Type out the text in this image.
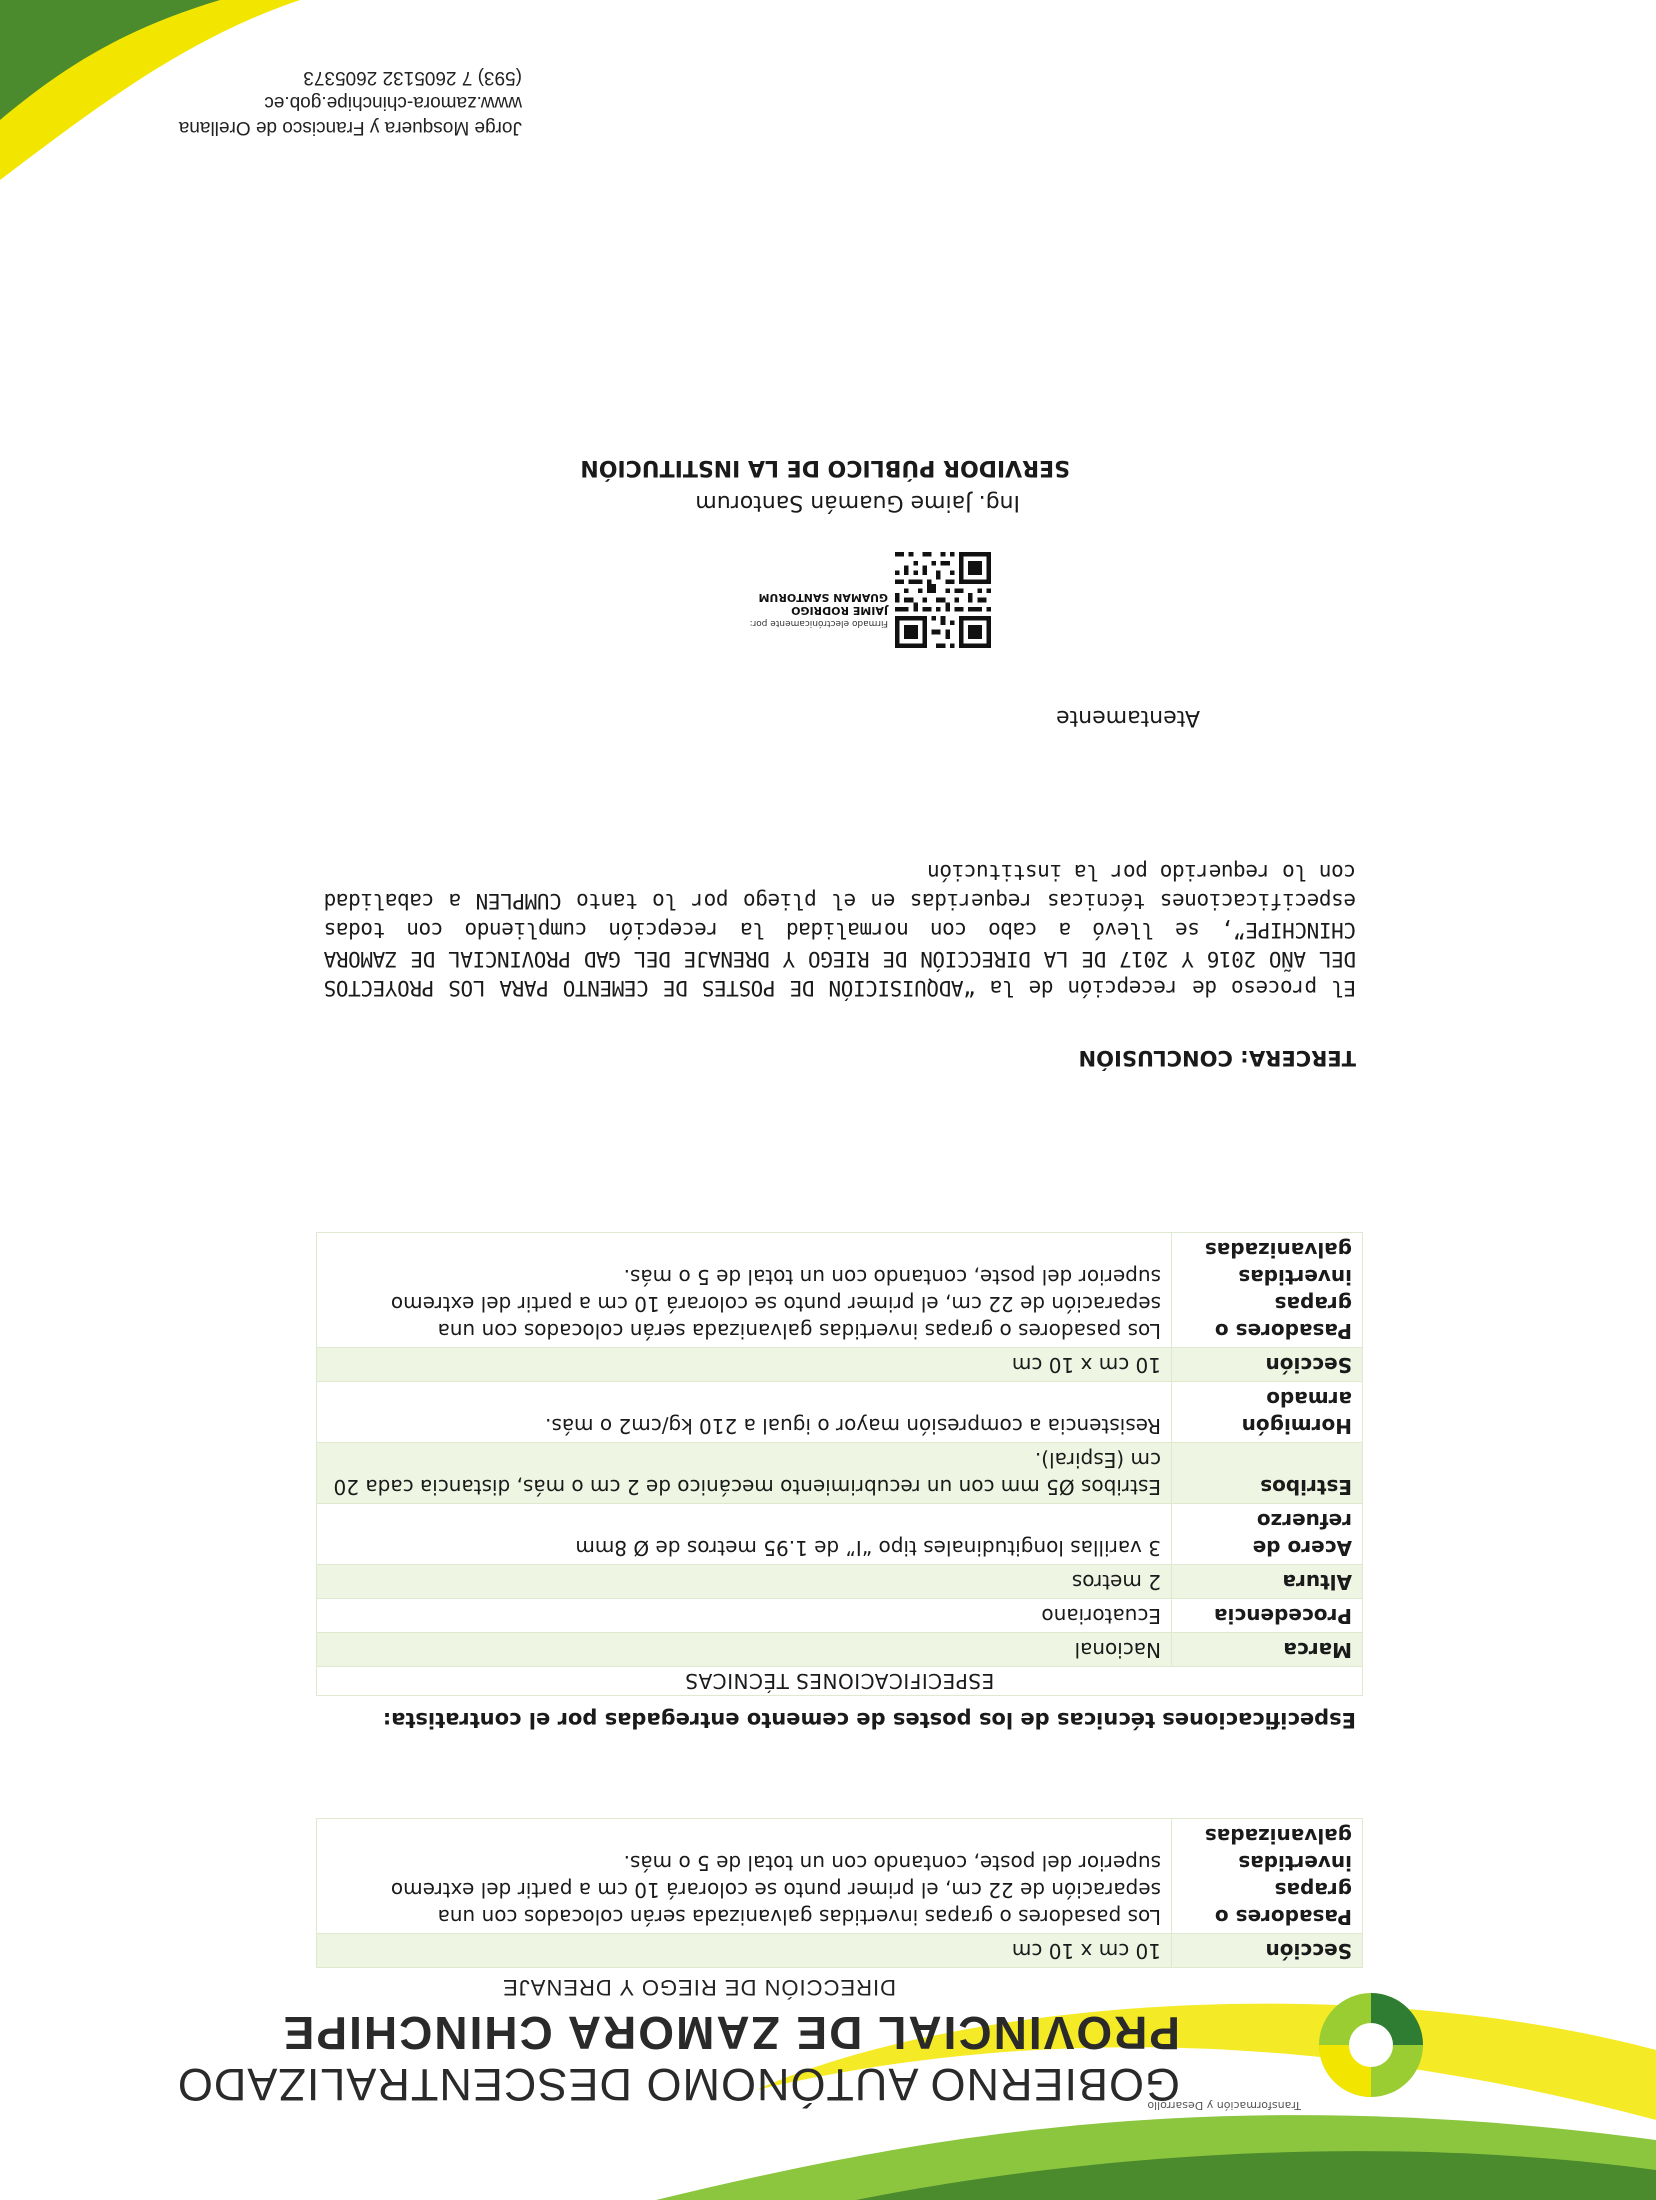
Transformación y Desarrollo
GOBIERNO AUTÓNOMO DESCENTRALIZADO
PROVINCIAL DE ZAMORA CHINCHIPE
DIRECCIÓN DE RIEGO Y DRENAJE
Sección	10 cm x 10 cm
Pasadores o grapas invertidas galvanizadas	Los pasadores o grapas invertidas galvanizada serán colocados con una separación de 22 cm, el primer punto se colorará 10 cm a partir del extremo superior del poste, contando con un total de 5 o más.
Especificaciones técnicas de los postes de cemento entregadas por el contratista:
ESPECIFICACIONES TÉCNICAS	
Marca	Nacional
Procedencia	Ecuatoriano
Altura	2 metros
Acero de refuerzo	3 varillas longitudinales tipo “I” de 1.95 metros de Ø 8mm
Estribos	Estribos Ø5 mm con un recubrimiento mecánico de 2 cm o más, distancia cada 20 cm (Espiral).
Hormigón armado	Resistencia a compresión mayor o igual a 210 kg/cm2 o más.
Sección	10 cm x 10 cm
Pasadores o grapas invertidas galvanizadas	Los pasadores o grapas invertidas galvanizada serán colocados con una separación de 22 cm, el primer punto se colorará 10 cm a partir del extremo superior del poste, contando con un total de 5 o más.
TERCERA: CONCLUSIÓN
El proceso de recepción de la “ADQUISICIÓN DE POSTES DE CEMENTO PARA LOS PROYECTOS DEL AÑO 2016 Y 2017 DE LA DIRECCIÓN DE RIEGO Y DRENAJE DEL GAD PROVINCIAL DE ZAMORA CHINCHIPE”, se llevó a cabo con normalidad la recepción cumpliendo con todas especificaciones técnicas requeridas en el pliego por lo tanto CUMPLEN a cabalidad con lo requerido por la institución
Atentamente
Firmado electrónicamente por:
JAIME RODRIGO
GUAMAN SANTORUM
Ing. Jaime Guamán Santorum
SERVIDOR PÚBLICO DE LA INSTITUCIÓN
Jorge Mosquera y Francisco de Orellana
www.zamora-chinchipe.gob.ec
(593) 7 2605132 2605373
